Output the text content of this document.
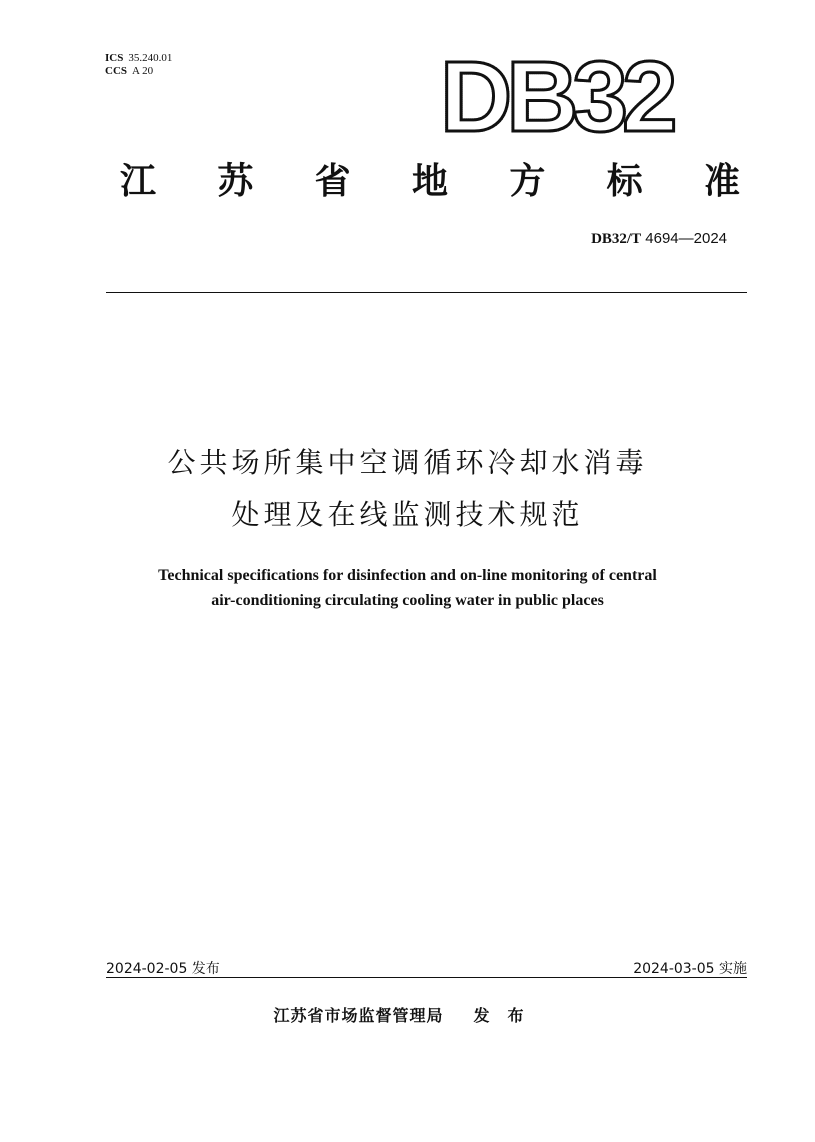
ICS 35.240.01
CCS A 20	DB32
江 苏 省 地 方 标 准
DB32/T 4694—2024
公共场所集中空调循环冷却水消毒
处理及在线监测技术规范
Technical specifications for disinfection and on-line monitoring of central
air-conditioning circulating cooling water in public places
2024-02-05 发布	2024-03-05 实施
江苏省市场监督管理局 发布
